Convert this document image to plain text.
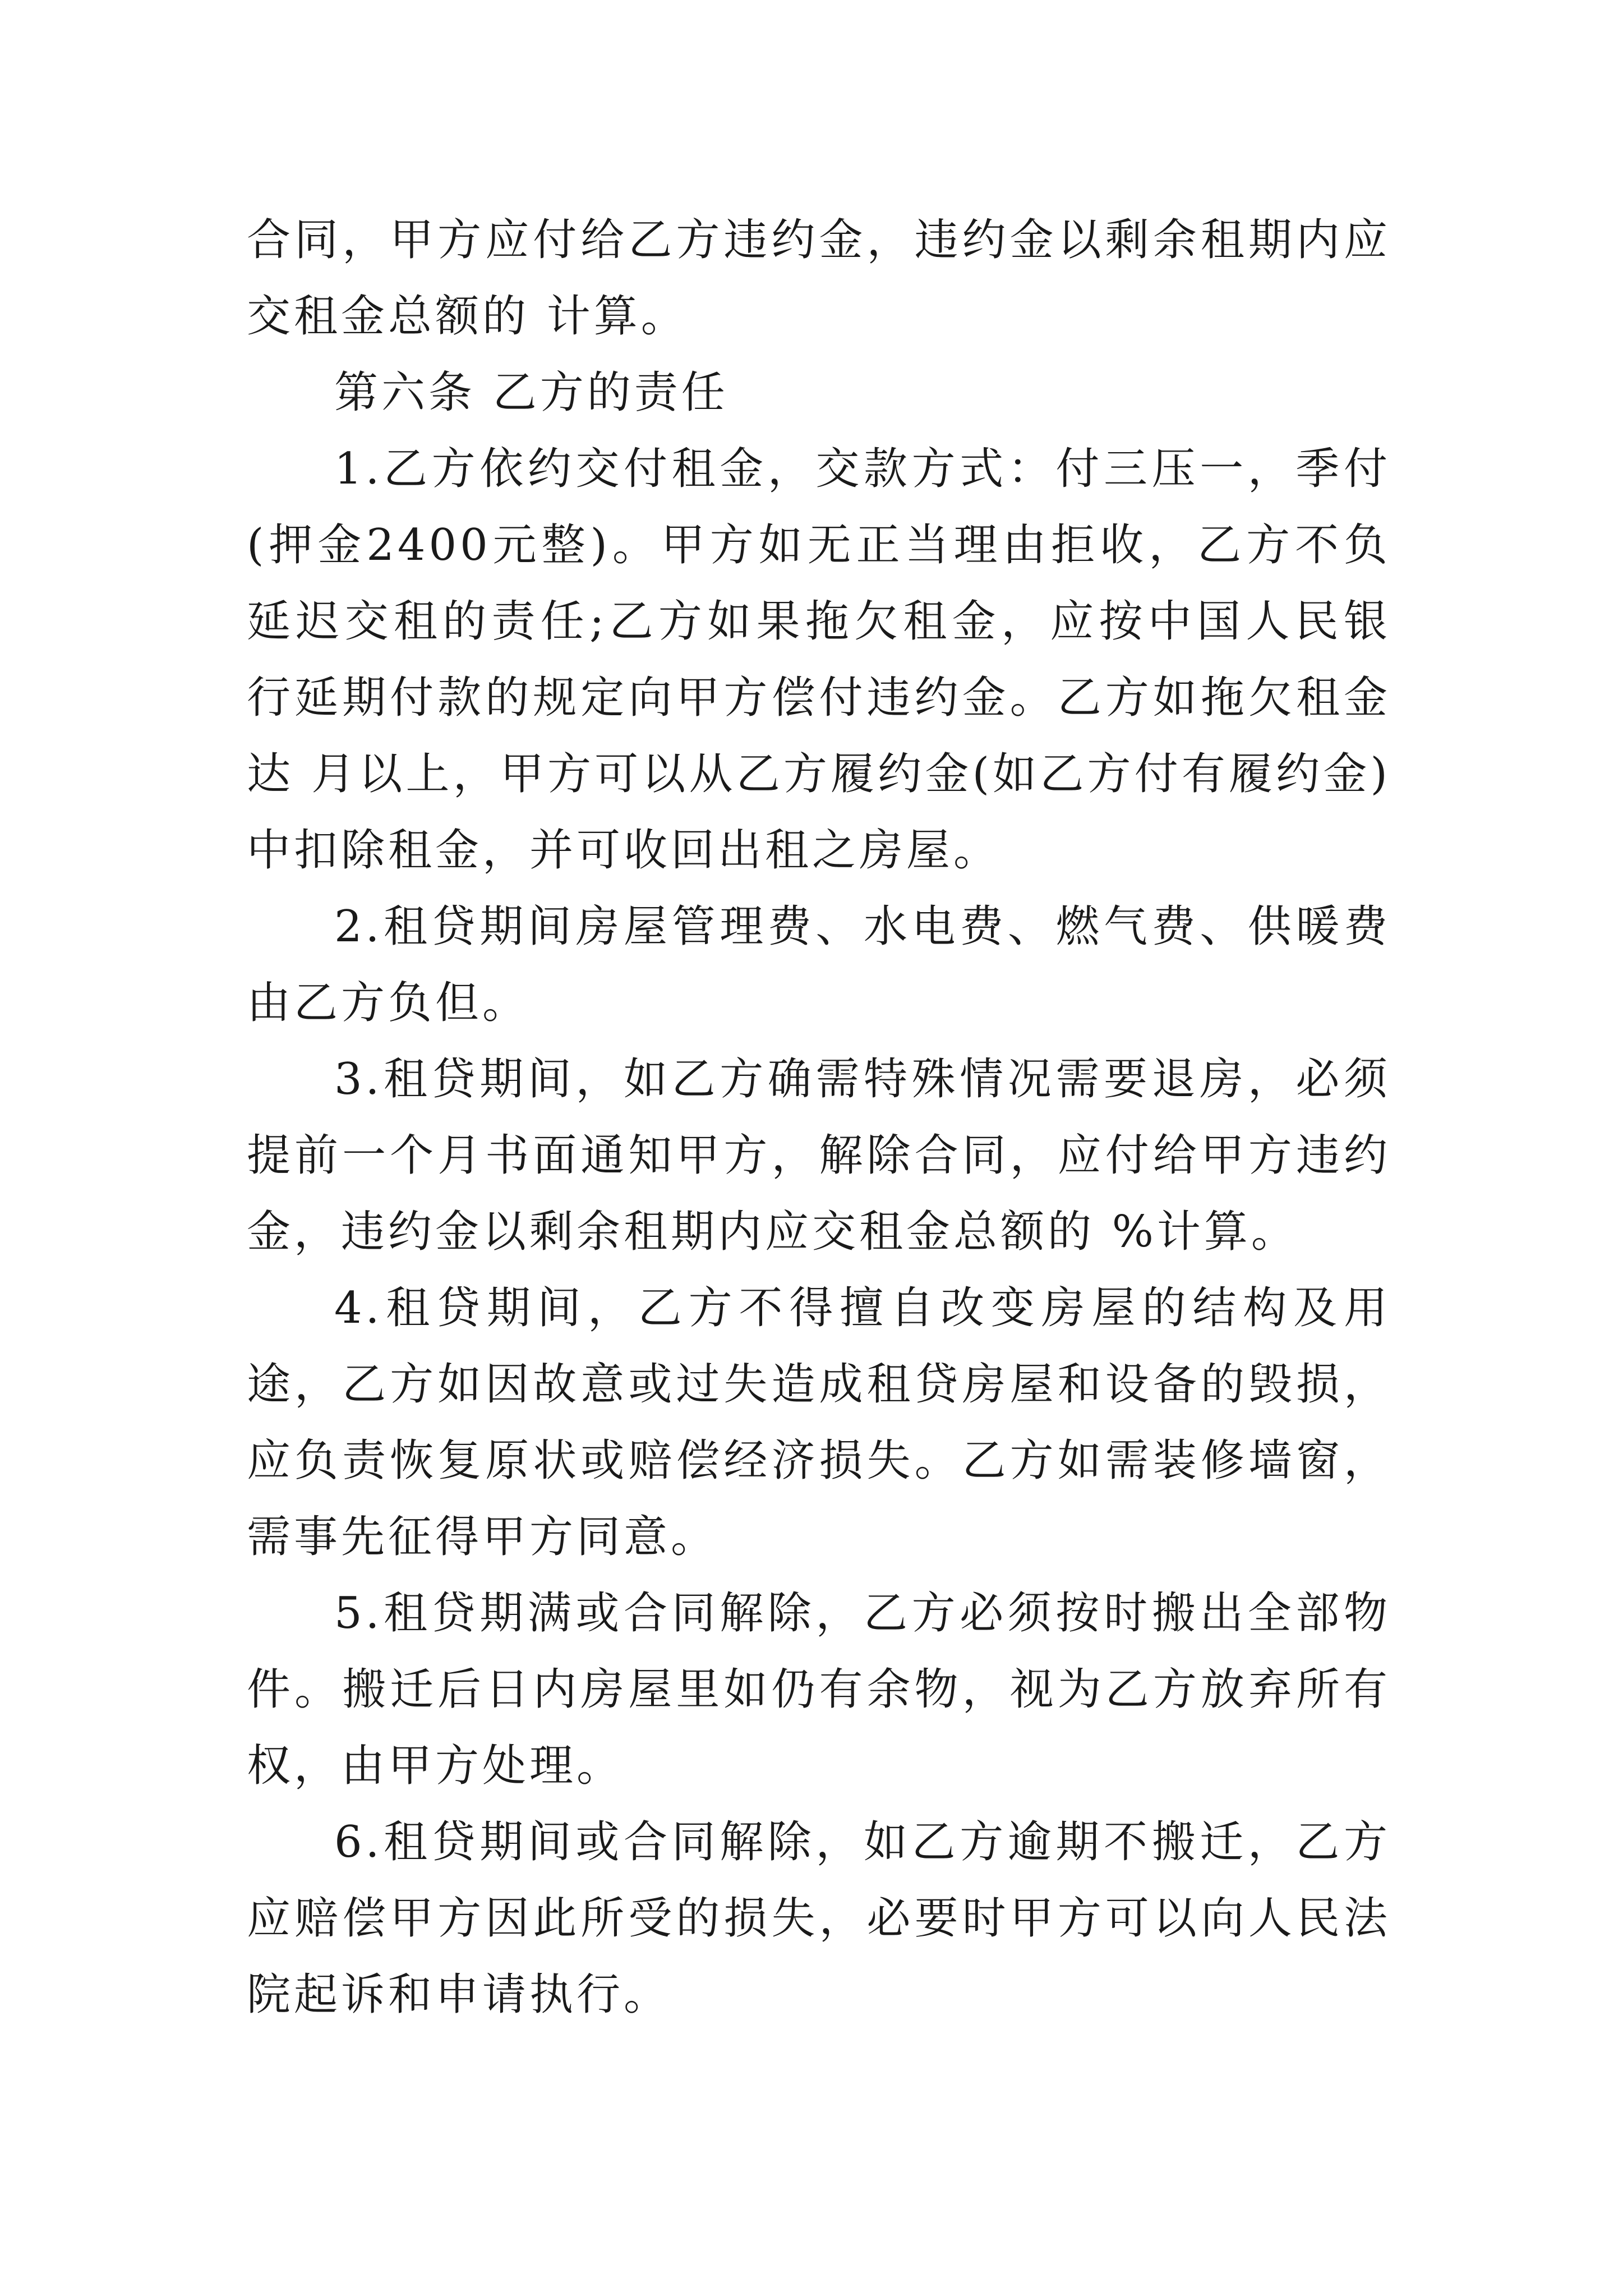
合同，甲方应付给乙方违约金，违约金以剩余租期内应交租金总额的 计算。

第六条 乙方的责任

1.乙方依约交付租金，交款方式：付三压一，季付(押金2400元整)。甲方如无正当理由拒收，乙方不负延迟交租的责任;乙方如果拖欠租金，应按中国人民银行延期付款的规定向甲方偿付违约金。乙方如拖欠租金达 月以上，甲方可以从乙方履约金(如乙方付有履约金)中扣除租金，并可收回出租之房屋。

2.租贷期间房屋管理费、水电费、燃气费、供暖费由乙方负但。

3.租贷期间，如乙方确需特殊情况需要退房，必须提前一个月书面通知甲方，解除合同，应付给甲方违约金，违约金以剩余租期内应交租金总额的 %计算。

4.租贷期间，乙方不得擅自改变房屋的结构及用途，乙方如因故意或过失造成租贷房屋和设备的毁损，应负责恢复原状或赔偿经济损失。乙方如需装修墙窗，需事先征得甲方同意。

5.租贷期满或合同解除，乙方必须按时搬出全部物件。搬迁后日内房屋里如仍有余物，视为乙方放弃所有权，由甲方处理。

6.租贷期间或合同解除，如乙方逾期不搬迁，乙方应赔偿甲方因此所受的损失，必要时甲方可以向人民法院起诉和申请执行。
